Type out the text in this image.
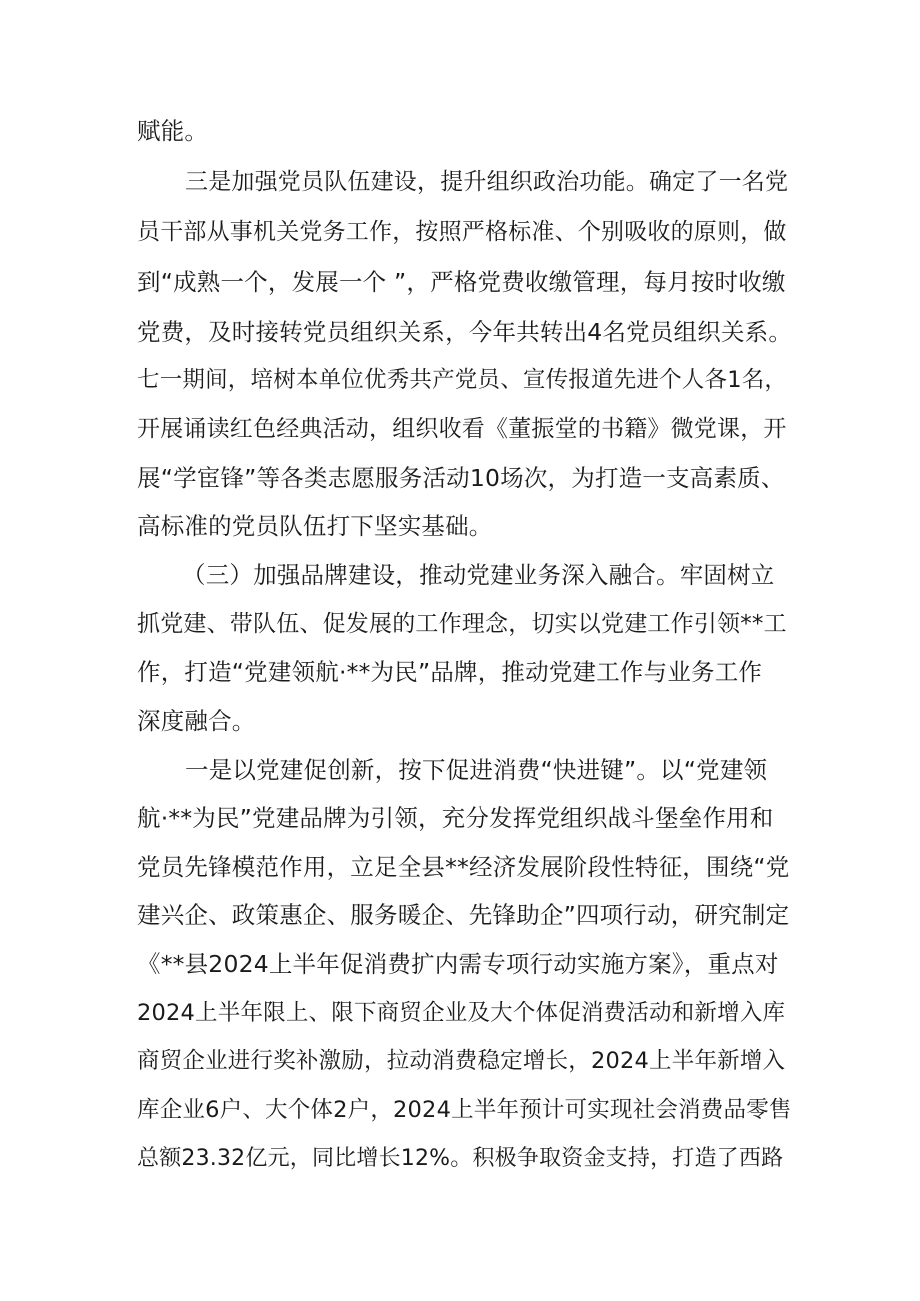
赋能。
三是加强党员队伍建设，提升组织政治功能。确定了一名党
员干部从事机关党务工作，按照严格标准、个别吸收的原则，做
到“成熟一个，发展一个 ”，严格党费收缴管理，每月按时收缴
党费，及时接转党员组织关系，今年共转出4名党员组织关系。
七一期间，培树本单位优秀共产党员、宣传报道先进个人各1名，
开展诵读红色经典活动，组织收看《董振堂的书籍》微党课，开
展“学宦锋”等各类志愿服务活动10场次，为打造一支高素质、
高标准的党员队伍打下坚实基础。
（三）加强品牌建设，推动党建业务深入融合。牢固树立
抓党建、带队伍、促发展的工作理念，切实以党建工作引领**工
作，打造“党建领航·**为民”品牌，推动党建工作与业务工作
深度融合。
一是以党建促创新，按下促进消费“快进键”。以“党建领
航·**为民”党建品牌为引领，充分发挥党组织战斗堡垒作用和
党员先锋模范作用，立足全县**经济发展阶段性特征，围绕“党
建兴企、政策惠企、服务暖企、先锋助企”四项行动，研究制定
《**县2024上半年促消费扩内需专项行动实施方案》，重点对
2024上半年限上、限下商贸企业及大个体促消费活动和新增入库
商贸企业进行奖补激励，拉动消费稳定增长，2024上半年新增入
库企业6户、大个体2户，2024上半年预计可实现社会消费品零售
总额23.32亿元，同比增长12%。积极争取资金支持，打造了西路
